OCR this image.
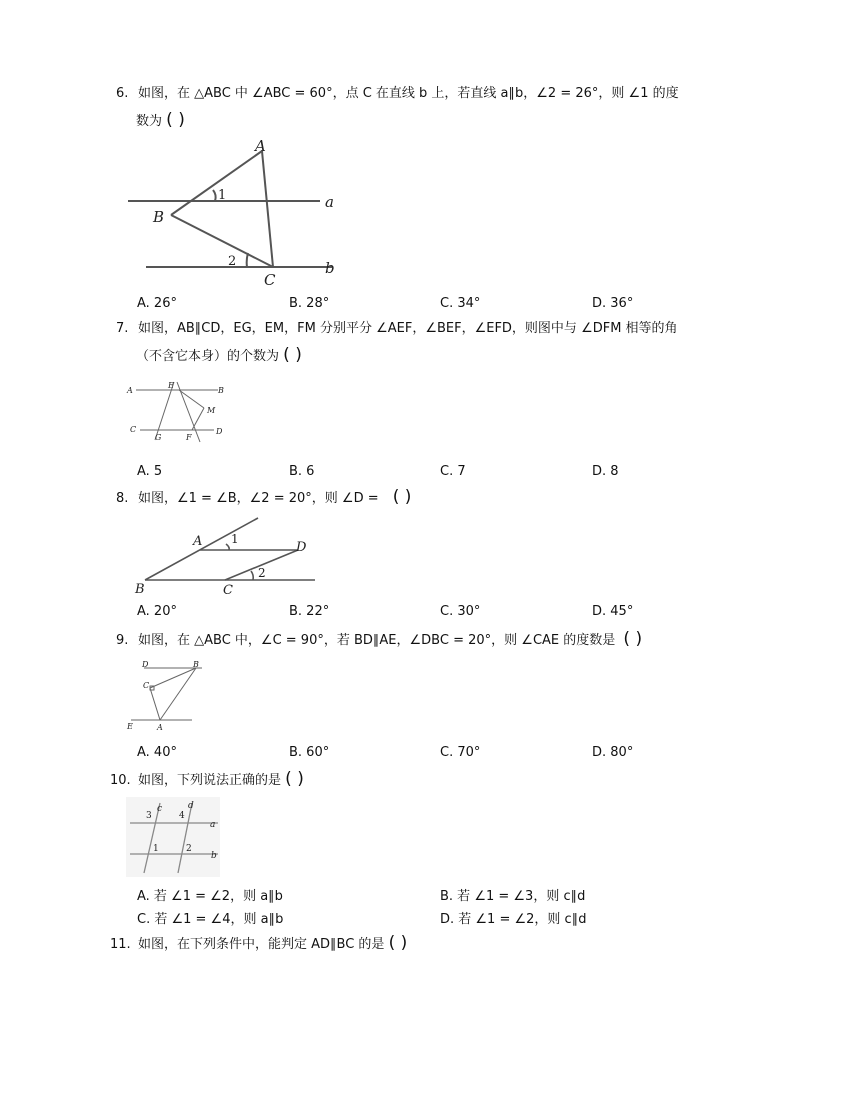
6. 如图，在 △ABC 中 ∠ABC = 60°，点 C 在直线 b 上，若直线 a∥b，∠2 = 26°，则 ∠1 的度
数为 ( )
A
B
C
1
2
a
b
A. 26°	B. 28°	C. 34°	D. 36°
7. 如图，AB∥CD，EG，EM，FM 分别平分 ∠AEF，∠BEF，∠EFD，则图中与 ∠DFM 相等的角
（不含它本身）的个数为 ( )
A
E
B
M
C
G	F
D
A. 5	B. 6	C. 7	D. 8
8. 如图，∠1 = ∠B，∠2 = 20°，则 ∠D = ( )
A 1
D
B	C
2
A. 20°	B. 22°	C. 30°	D. 45°
9. 如图，在 △ABC 中，∠C = 90°，若 BD∥AE，∠DBC = 20°，则 ∠CAE 的度数是 ( )
D	B
C
E	A
A. 40°	B. 60°	C. 70°	D. 80°
10. 如图，下列说法正确的是 ( )
3
c
4
d
a
1	2
b
A. 若 ∠1 = ∠2，则 a∥b	B. 若 ∠1 = ∠3，则 c∥d
C. 若 ∠1 = ∠4，则 a∥b	D. 若 ∠1 = ∠2，则 c∥d
11. 如图，在下列条件中，能判定 AD∥BC 的是 ( )
